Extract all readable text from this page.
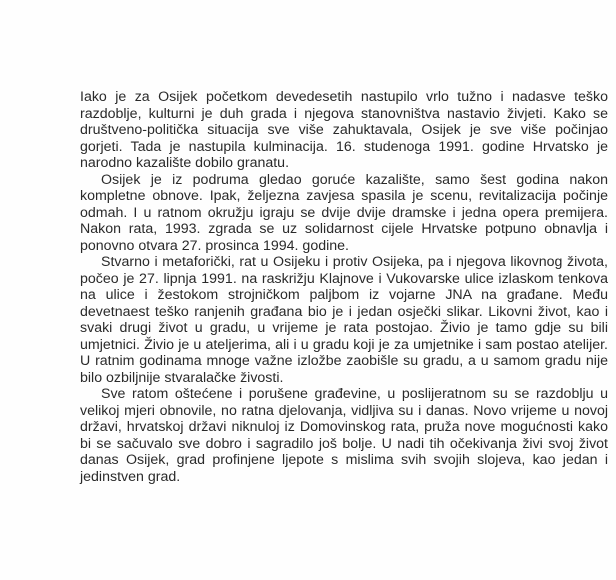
Iako je za Osijek početkom devedesetih nastupilo vrlo tužno i nadasve teško razdoblje, kulturni je duh grada i njegova stanovništva nastavio živjeti. Kako se društveno-politička situacija sve više zahuktavala, Osijek je sve više počinjao gorjeti. Tada je nastupila kulminacija. 16. studenoga 1991. godine Hrvatsko je narodno kazalište dobilo granatu.

Osijek je iz podruma gledao goruće kazalište, samo šest godina nakon kompletne obnove. Ipak, željezna zavjesa spasila je scenu, revitalizacija počinje odmah. I u ratnom okružju igraju se dvije dvije dramske i jedna opera premijera. Nakon rata, 1993. zgrada se uz solidarnost cijele Hrvatske potpuno obnavlja i ponovno otvara 27. prosinca 1994. godine.

Stvarno i metaforički, rat u Osijeku i protiv Osijeka, pa i njegova likovnog života, počeo je 27. lipnja 1991. na raskrižju Klajnove i Vukovarske ulice izlaskom tenkova na ulice i žestokom strojničkom paljbom iz vojarne JNA na građane. Među devetnaest teško ranjenih građana bio je i jedan osječki slikar. Likovni život, kao i svaki drugi život u gradu, u vrijeme je rata postojao. Živio je tamo gdje su bili umjetnici. Živio je u ateljerima, ali i u gradu koji je za umjetnike i sam postao atelijer. U ratnim godinama mnoge važne izložbe zaobišle su gradu, a u samom gradu nije bilo ozbiljnije stvaralačke živosti.

Sve ratom oštećene i porušene građevine, u poslijeratnom su se razdoblju u velikoj mjeri obnovile, no ratna djelovanja, vidljiva su i danas. Novo vrijeme u novoj državi, hrvatskoj državi niknuloj iz Domovinskog rata, pruža nove mogućnosti kako bi se sačuvalo sve dobro i sagradilo još bolje. U nadi tih očekivanja živi svoj život danas Osijek, grad profinjene ljepote s mislima svih svojih slojeva, kao jedan i jedinstven grad.
